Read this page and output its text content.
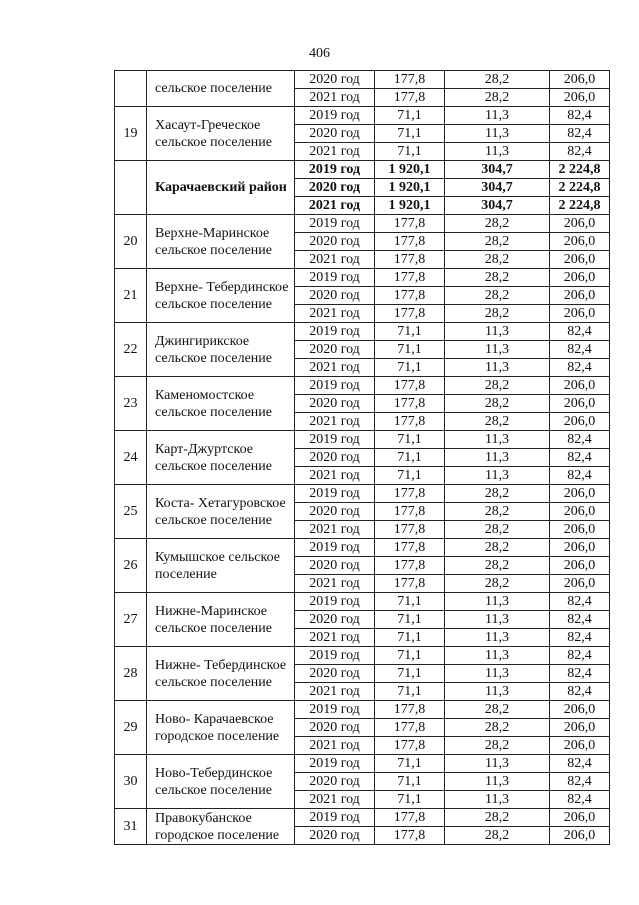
406
	сельское поселение	2020 год	177,8	28,2	206,0
		2021 год	177,8	28,2	206,0
19	Хасаут-Греческое сельское поселение	2019 год	71,1	11,3	82,4
		2020 год	71,1	11,3	82,4
		2021 год	71,1	11,3	82,4
	Карачаевский район	2019 год	1 920,1	304,7	2 224,8
		2020 год	1 920,1	304,7	2 224,8
		2021 год	1 920,1	304,7	2 224,8
20	Верхне-Маринское сельское поселение	2019 год	177,8	28,2	206,0
		2020 год	177,8	28,2	206,0
		2021 год	177,8	28,2	206,0
21	Верхне- Тебердинское сельское поселение	2019 год	177,8	28,2	206,0
		2020 год	177,8	28,2	206,0
		2021 год	177,8	28,2	206,0
22	Джингирикское сельское поселение	2019 год	71,1	11,3	82,4
		2020 год	71,1	11,3	82,4
		2021 год	71,1	11,3	82,4
23	Каменомостское сельское поселение	2019 год	177,8	28,2	206,0
		2020 год	177,8	28,2	206,0
		2021 год	177,8	28,2	206,0
24	Карт-Джуртское сельское поселение	2019 год	71,1	11,3	82,4
		2020 год	71,1	11,3	82,4
		2021 год	71,1	11,3	82,4
25	Коста- Хетагуровское сельское поселение	2019 год	177,8	28,2	206,0
		2020 год	177,8	28,2	206,0
		2021 год	177,8	28,2	206,0
26	Кумышское сельское поселение	2019 год	177,8	28,2	206,0
		2020 год	177,8	28,2	206,0
		2021 год	177,8	28,2	206,0
27	Нижне-Маринское сельское поселение	2019 год	71,1	11,3	82,4
		2020 год	71,1	11,3	82,4
		2021 год	71,1	11,3	82,4
28	Нижне- Тебердинское сельское поселение	2019 год	71,1	11,3	82,4
		2020 год	71,1	11,3	82,4
		2021 год	71,1	11,3	82,4
29	Ново- Карачаевское городское поселение	2019 год	177,8	28,2	206,0
		2020 год	177,8	28,2	206,0
		2021 год	177,8	28,2	206,0
30	Ново-Тебердинское сельское поселение	2019 год	71,1	11,3	82,4
		2020 год	71,1	11,3	82,4
		2021 год	71,1	11,3	82,4
31	Правокубанское городское поселение	2019 год	177,8	28,2	206,0
		2020 год	177,8	28,2	206,0
